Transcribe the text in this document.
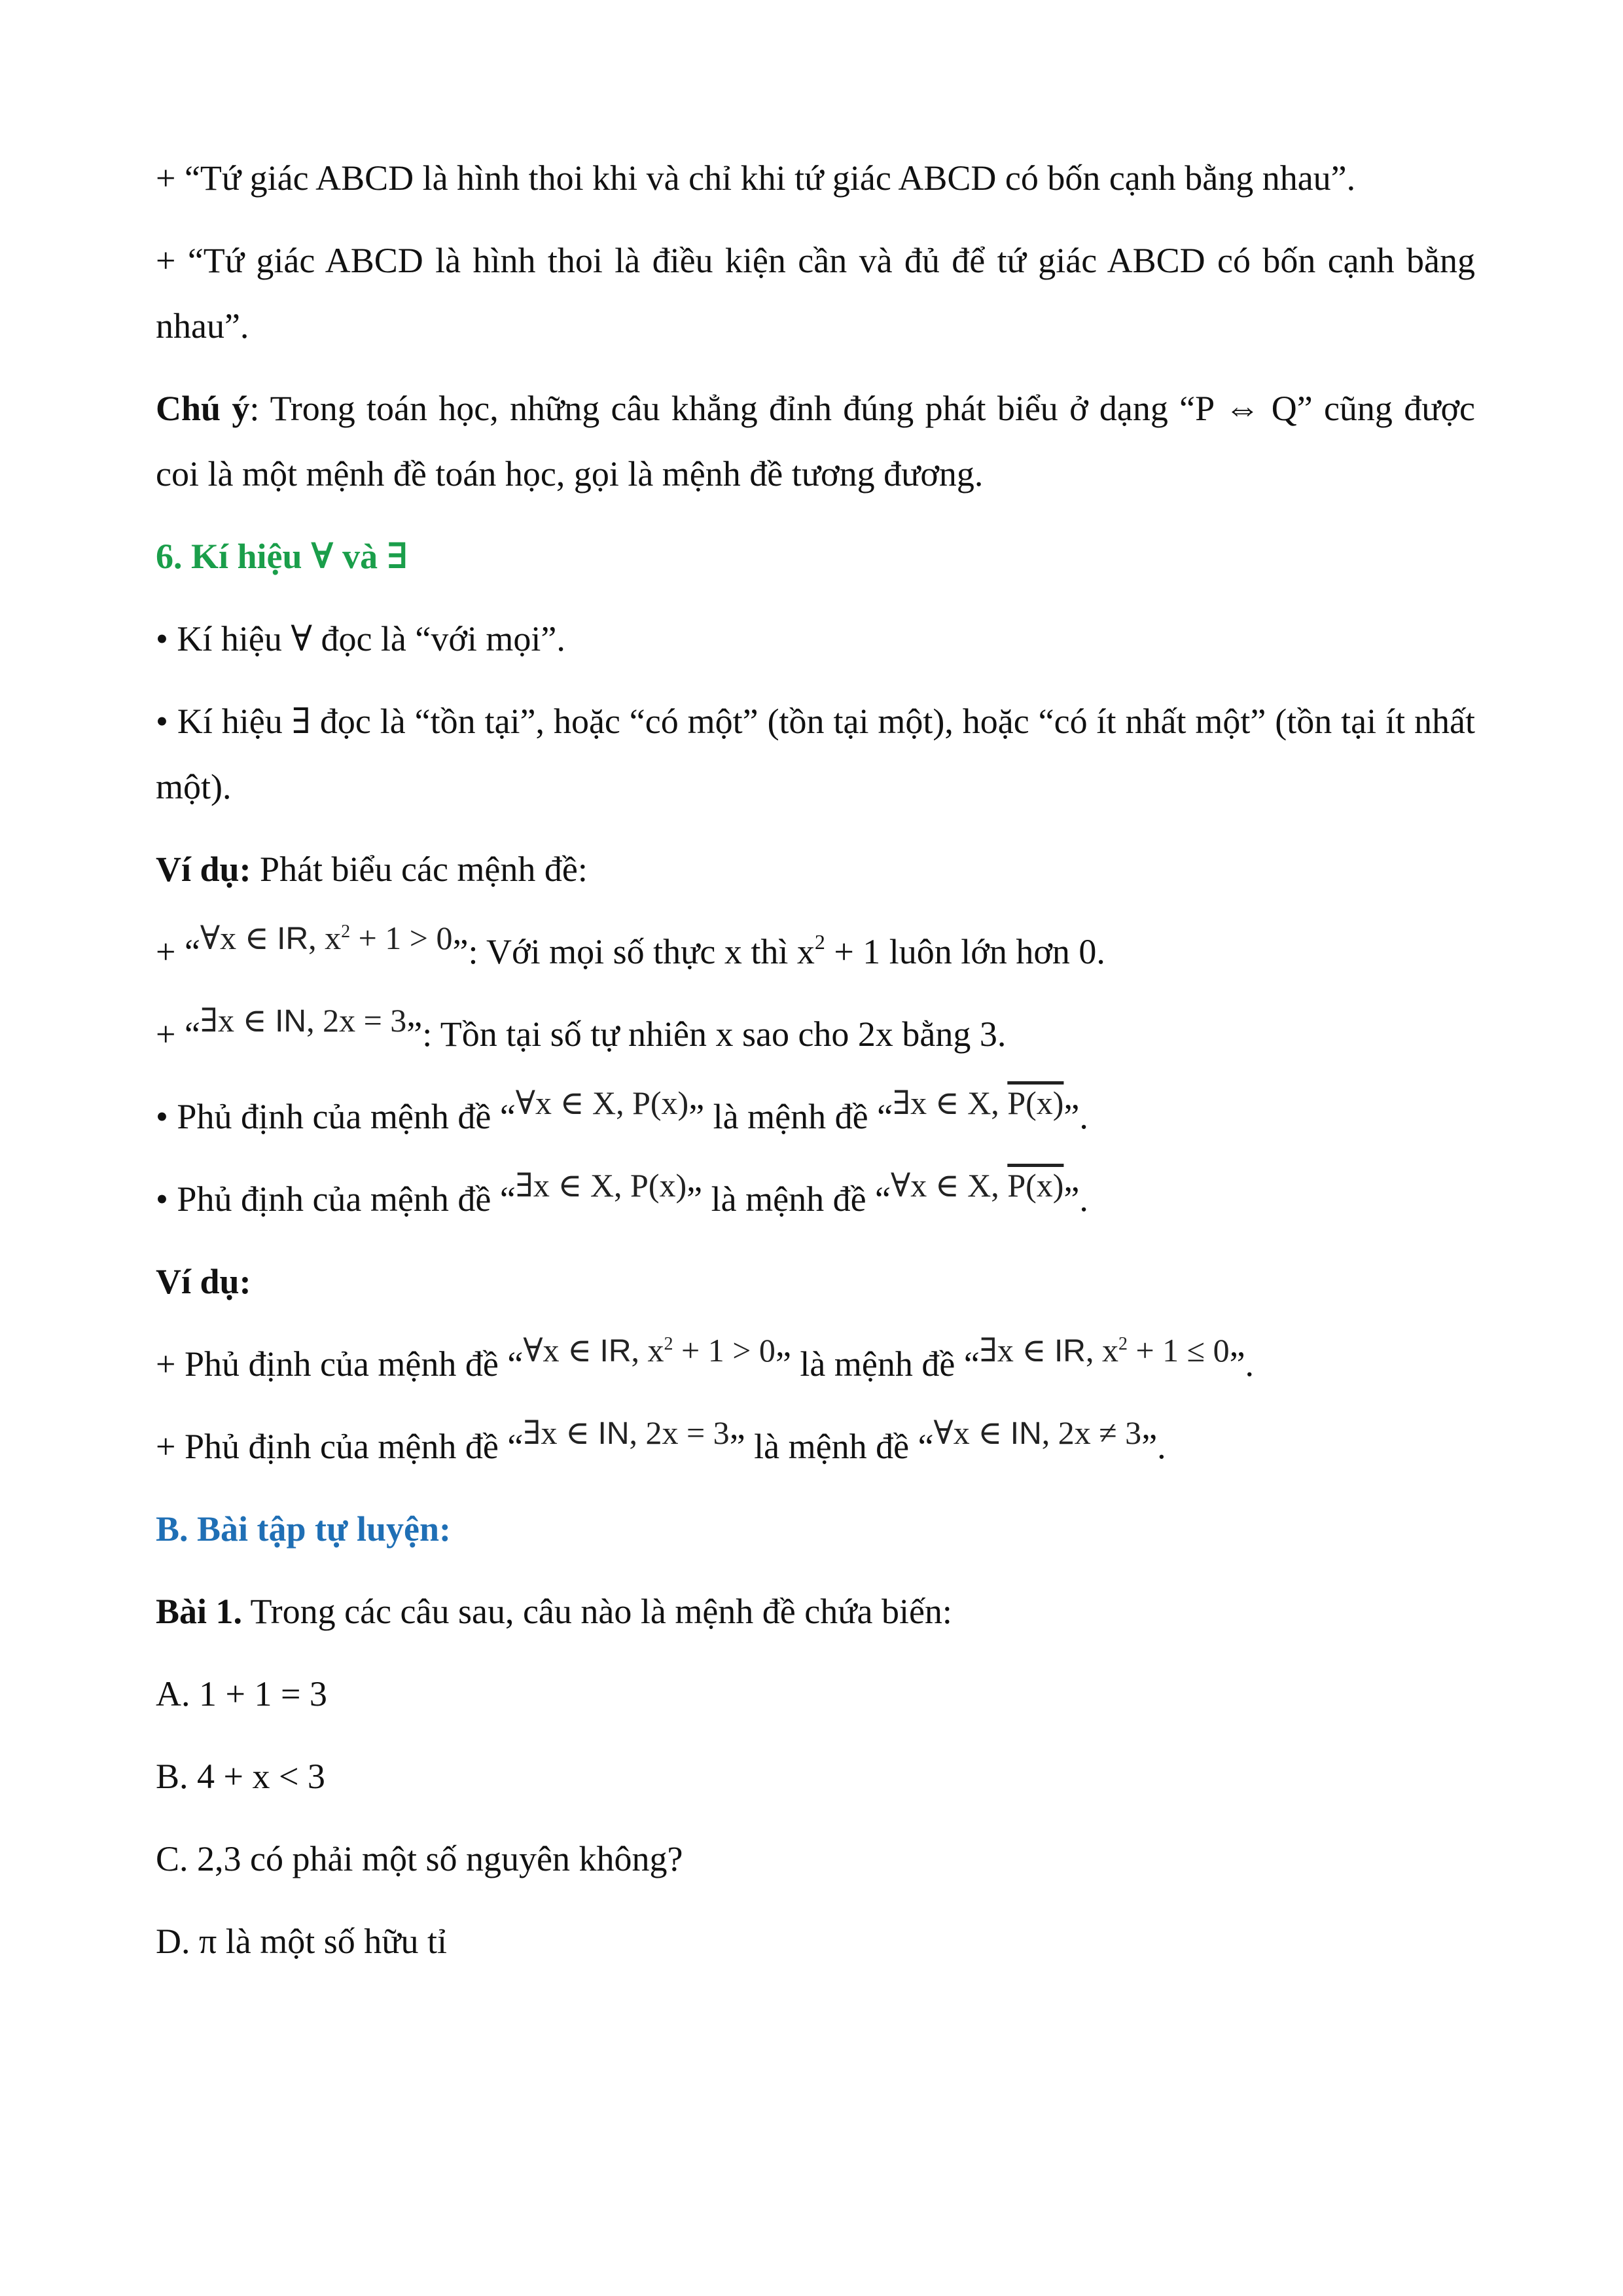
+ “Tứ giác ABCD là hình thoi khi và chỉ khi tứ giác ABCD có bốn cạnh bằng nhau”.

+ “Tứ giác ABCD là hình thoi là điều kiện cần và đủ để tứ giác ABCD có bốn cạnh bằng nhau”.

Chú ý: Trong toán học, những câu khẳng đỉnh đúng phát biểu ở dạng “P ⇔ Q” cũng được coi là một mệnh đề toán học, gọi là mệnh đề tương đương.

6. Kí hiệu ∀ và ∃

• Kí hiệu ∀ đọc là “với mọi”.

• Kí hiệu ∃ đọc là “tồn tại”, hoặc “có một” (tồn tại một), hoặc “có ít nhất một” (tồn tại ít nhất một).

Ví dụ: Phát biểu các mệnh đề:

+ “∀x ∈ IR, $x^2 + 1 > 0$”: Với mọi số thực x thì $x^2 + 1$ luôn lớn hơn 0.

+ “∃x ∈ IN, 2x = 3”: Tồn tại số tự nhiên x sao cho 2x bằng 3.

• Phủ định của mệnh đề “∀x ∈ X, P(x)” là mệnh đề “∃x ∈ X, P(x)”.

• Phủ định của mệnh đề “∃x ∈ X, P(x)” là mệnh đề “∀x ∈ X, P(x)”.

Ví dụ:

+ Phủ định của mệnh đề “∀x ∈ IR, $x^2 + 1 > 0$” là mệnh đề “∃x ∈ IR, $x^2 + 1 \le 0$”.

+ Phủ định của mệnh đề “∃x ∈ IN, 2x = 3” là mệnh đề “∀x ∈ IN, 2x ≠ 3”.

B. Bài tập tự luyện:

Bài 1. Trong các câu sau, câu nào là mệnh đề chứa biến:

A. 1 + 1 = 3

B. 4 + x < 3

C. 2,3 có phải một số nguyên không?

D. π là một số hữu tỉ
